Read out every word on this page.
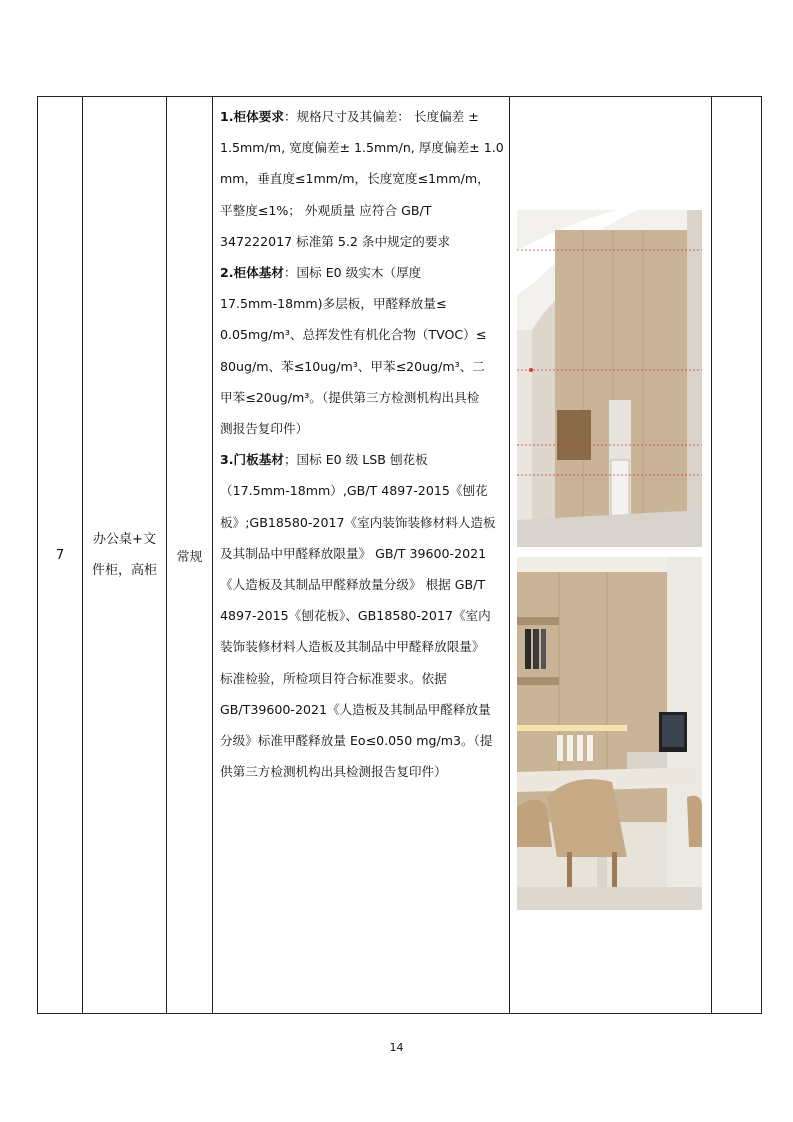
7	办公桌+文
件柜，高柜	常规	
1.柜体要求：规格尺寸及其偏差： 长度偏差 ±
1.5mm/m, 宽度偏差± 1.5mm/n, 厚度偏差± 1.0
mm，垂直度≤1mm/m，长度宽度≤1mm/m，
平整度≤1%； 外观质量 应符合 GB/T
347222017 标准第 5.2 条中规定的要求
2.柜体基材：国标 E0 级实木（厚度
17.5mm-18mm)多层板，甲醛释放量≤
0.05mg/m³、总挥发性有机化合物（TVOC）≤
80ug/m、苯≤10ug/m³、甲苯≤20ug/m³、二
甲苯≤20ug/m³。（提供第三方检测机构出具检
测报告复印件）
3.门板基材；国标 E0 级 LSB 刨花板
（17.5mm-18mm）,GB/T 4897-2015《刨花
板》;GB18580-2017《室内装饰装修材料人造板
及其制品中甲醛释放限量》 GB/T 39600-2021
《人造板及其制品甲醛释放量分级》 根据 GB/T
4897-2015《刨花板》、GB18580-2017《室内
装饰装修材料人造板及其制品中甲醛释放限量》
标准检验，所检项目符合标准要求。依据
GB/T39600-2021《人造板及其制品甲醛释放量
分级》标准甲醛释放量 Eo≤0.050 mg/m3。（提
供第三方检测机构出具检测报告复印件）

14
